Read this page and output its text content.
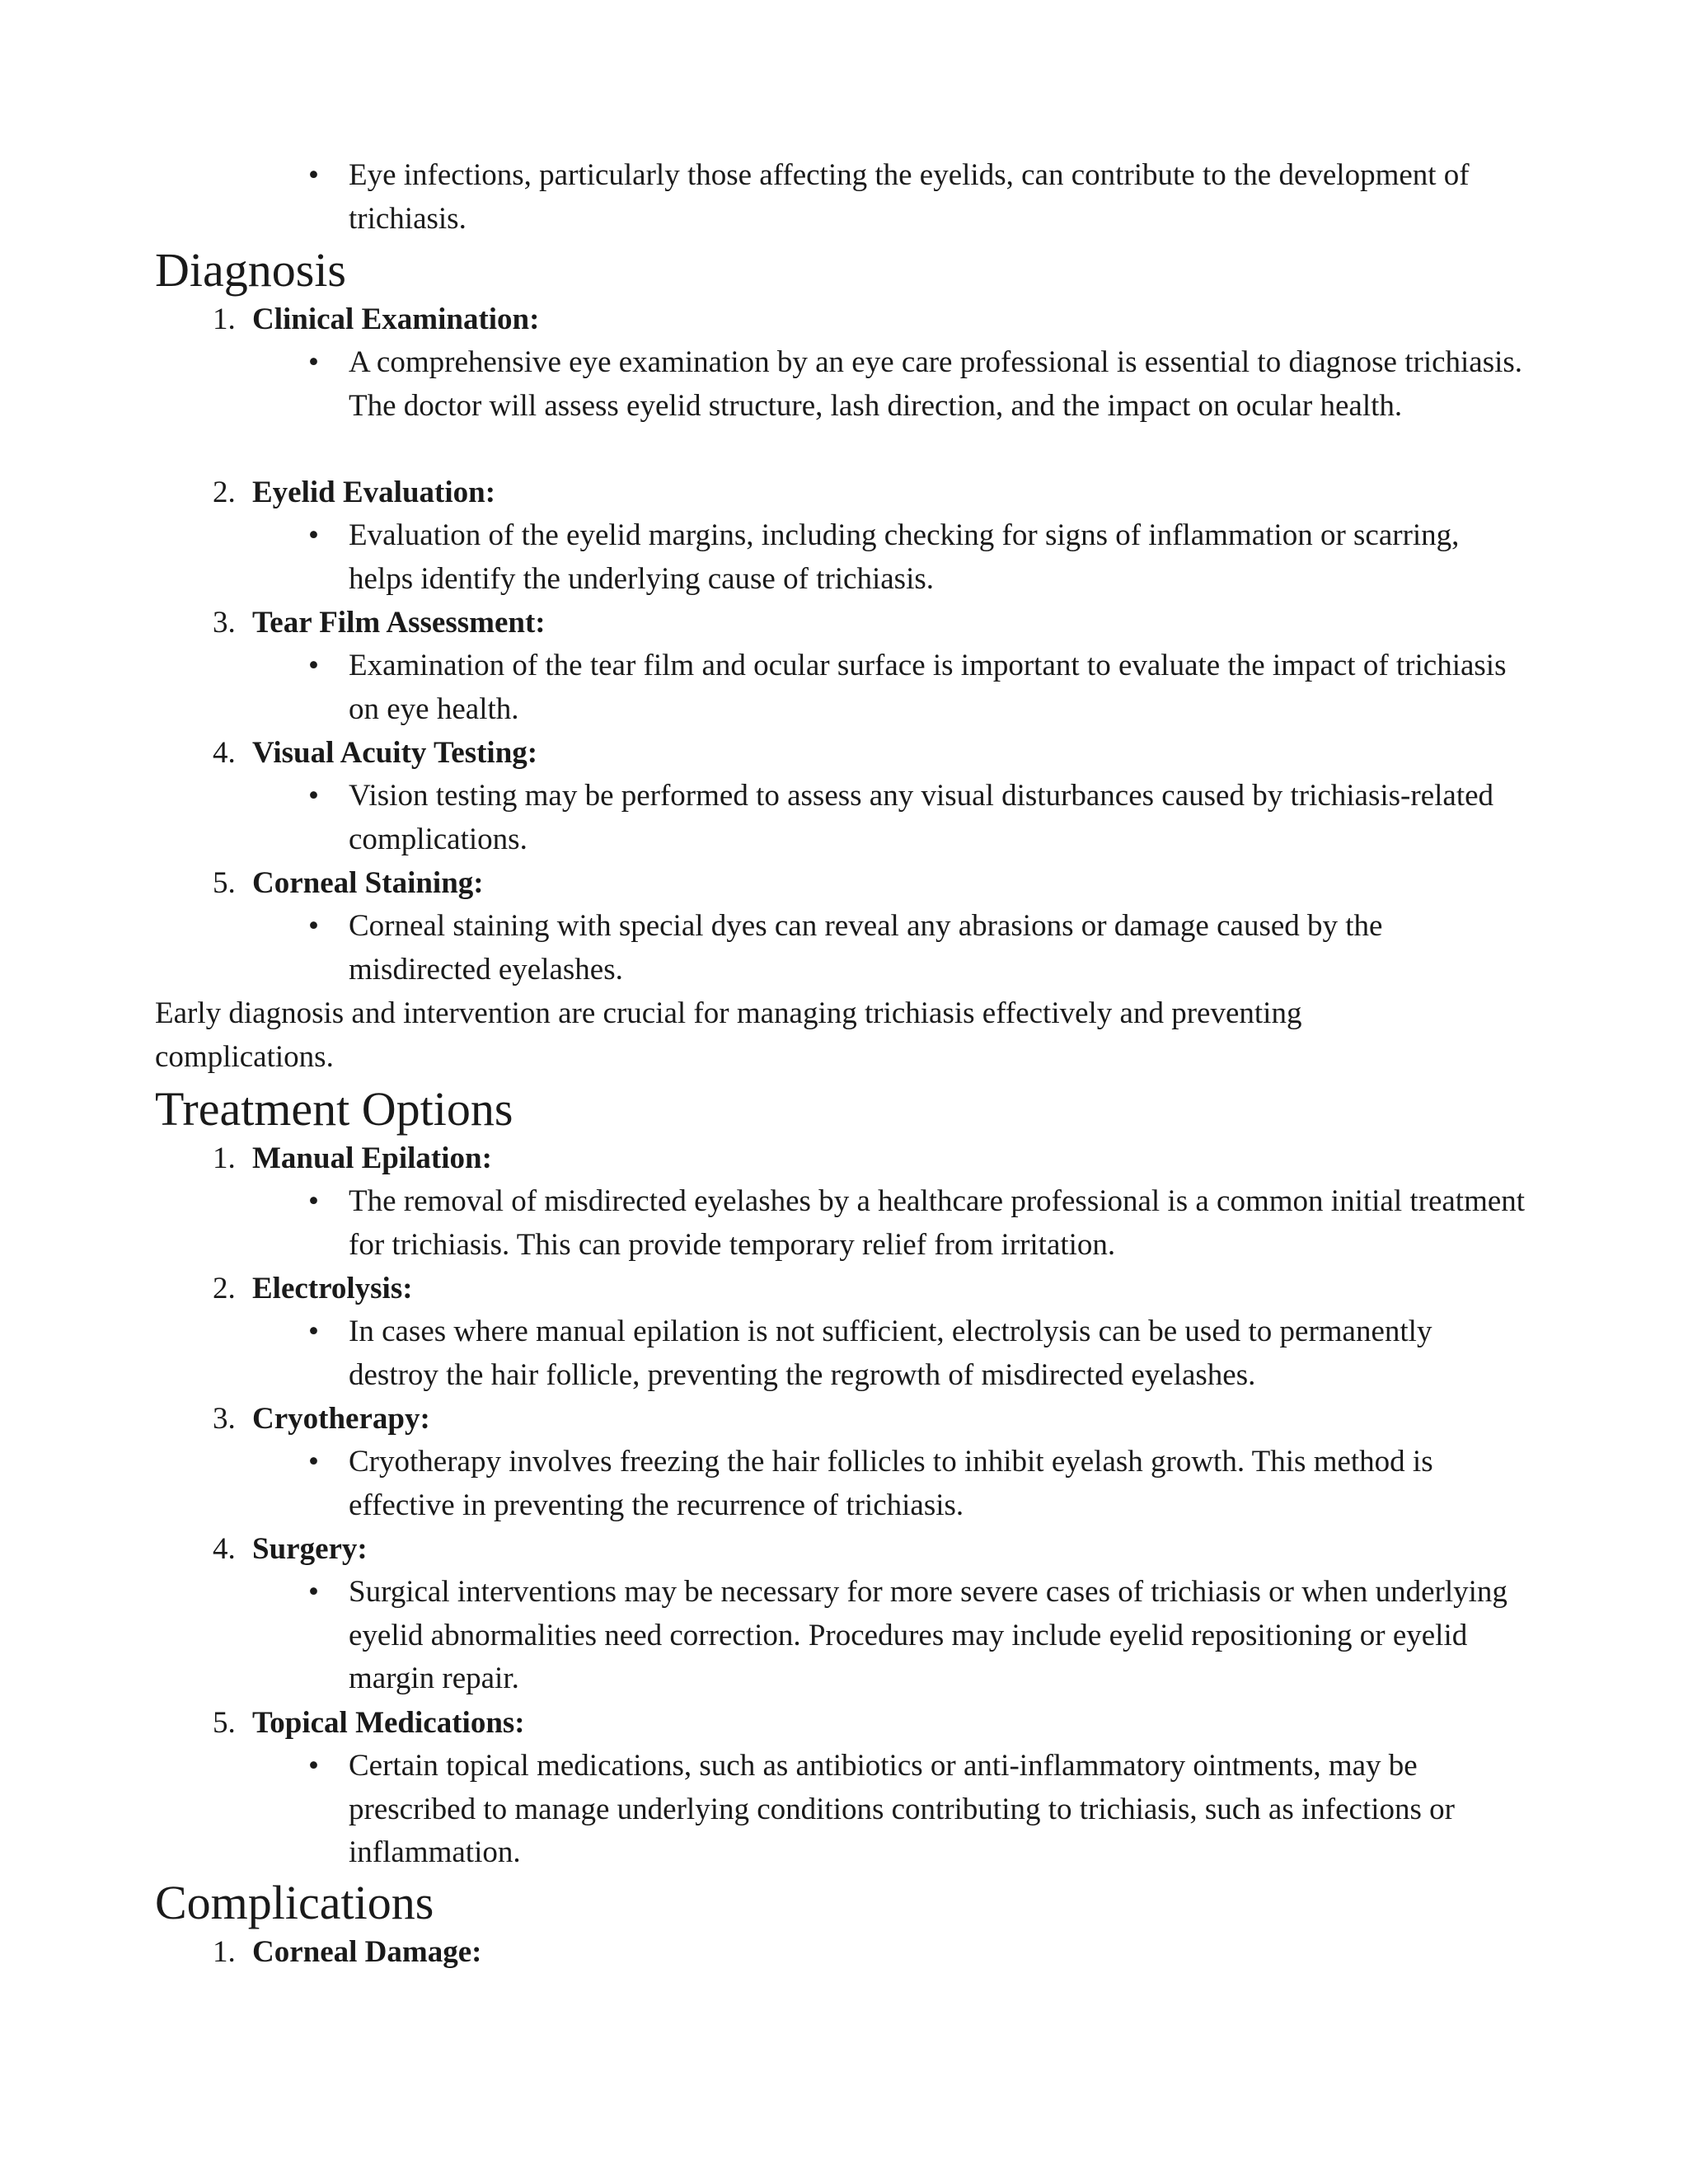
• Eye infections, particularly those affecting the eyelids, can contribute to the development of trichiasis.
Diagnosis
1. Clinical Examination:
• A comprehensive eye examination by an eye care professional is essential to diagnose trichiasis. The doctor will assess eyelid structure, lash direction, and the impact on ocular health.
2. Eyelid Evaluation:
• Evaluation of the eyelid margins, including checking for signs of inflammation or scarring, helps identify the underlying cause of trichiasis.
3. Tear Film Assessment:
• Examination of the tear film and ocular surface is important to evaluate the impact of trichiasis on eye health.
4. Visual Acuity Testing:
• Vision testing may be performed to assess any visual disturbances caused by trichiasis-related complications.
5. Corneal Staining:
• Corneal staining with special dyes can reveal any abrasions or damage caused by the misdirected eyelashes.
Early diagnosis and intervention are crucial for managing trichiasis effectively and preventing complications.
Treatment Options
1. Manual Epilation:
• The removal of misdirected eyelashes by a healthcare professional is a common initial treatment for trichiasis. This can provide temporary relief from irritation.
2. Electrolysis:
• In cases where manual epilation is not sufficient, electrolysis can be used to permanently destroy the hair follicle, preventing the regrowth of misdirected eyelashes.
3. Cryotherapy:
• Cryotherapy involves freezing the hair follicles to inhibit eyelash growth. This method is effective in preventing the recurrence of trichiasis.
4. Surgery:
• Surgical interventions may be necessary for more severe cases of trichiasis or when underlying eyelid abnormalities need correction. Procedures may include eyelid repositioning or eyelid margin repair.
5. Topical Medications:
• Certain topical medications, such as antibiotics or anti-inflammatory ointments, may be prescribed to manage underlying conditions contributing to trichiasis, such as infections or inflammation.
Complications
1. Corneal Damage:
